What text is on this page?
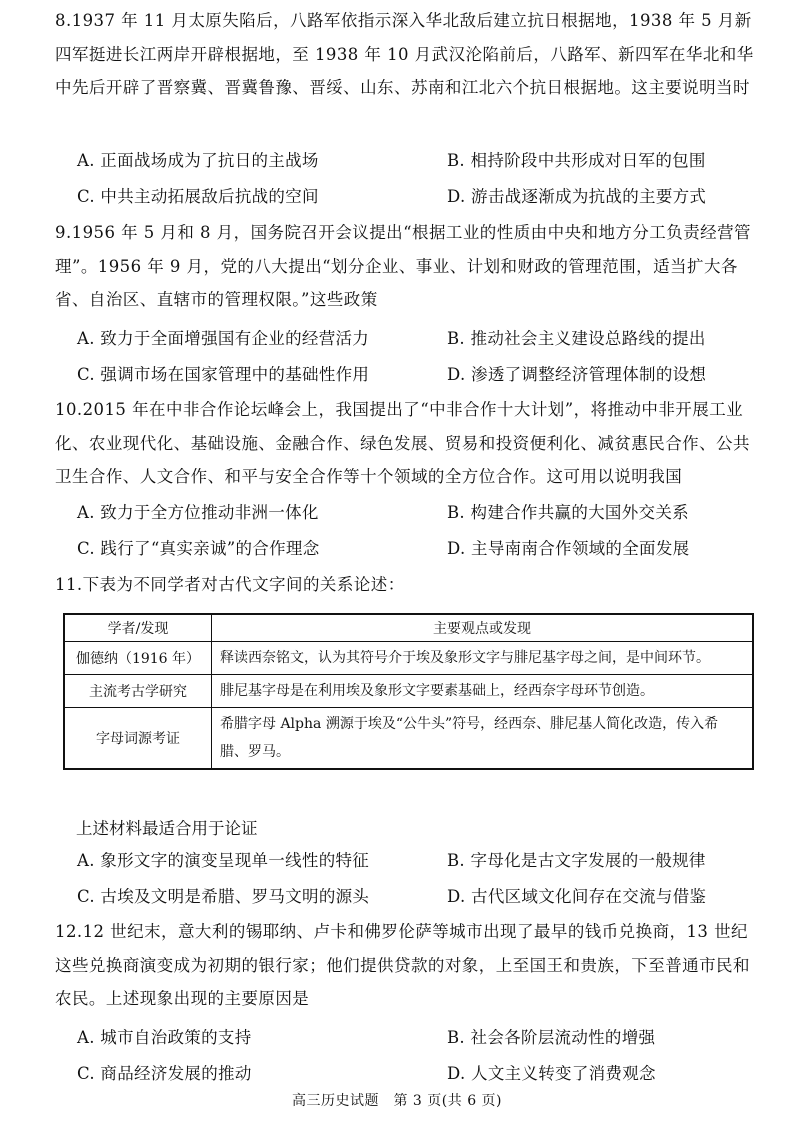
8.1937 年 11 月太原失陷后，八路军依指示深入华北敌后建立抗日根据地，1938 年 5 月新四军挺进长江两岸开辟根据地，至 1938 年 10 月武汉沦陷前后，八路军、新四军在华北和华中先后开辟了晋察冀、晋冀鲁豫、晋绥、山东、苏南和江北六个抗日根据地。这主要说明当时

A. 正面战场成为了抗日的主战场	B. 相持阶段中共形成对日军的包围
C. 中共主动拓展敌后抗战的空间	D. 游击战逐渐成为抗战的主要方式

9.1956 年 5 月和 8 月，国务院召开会议提出“根据工业的性质由中央和地方分工负责经营管理”。1956 年 9 月，党的八大提出“划分企业、事业、计划和财政的管理范围，适当扩大各省、自治区、直辖市的管理权限。”这些政策

A. 致力于全面增强国有企业的经营活力	B. 推动社会主义建设总路线的提出
C. 强调市场在国家管理中的基础性作用	D. 渗透了调整经济管理体制的设想

10.2015 年在中非合作论坛峰会上，我国提出了“中非合作十大计划”，将推动中非开展工业化、农业现代化、基础设施、金融合作、绿色发展、贸易和投资便利化、减贫惠民合作、公共卫生合作、人文合作、和平与安全合作等十个领域的全方位合作。这可用以说明我国

A. 致力于全方位推动非洲一体化	B. 构建合作共赢的大国外交关系
C. 践行了“真实亲诚”的合作理念	D. 主导南南合作领域的全面发展

11.下表为不同学者对古代文字间的关系论述：

学者/发现	主要观点或发现
伽德纳（1916 年）	释读西奈铭文，认为其符号介于埃及象形文字与腓尼基字母之间，是中间环节。
主流考古学研究	腓尼基字母是在利用埃及象形文字要素基础上，经西奈字母环节创造。
字母词源考证	希腊字母 Alpha 溯源于埃及“公牛头”符号，经西奈、腓尼基人简化改造，传入希腊、罗马。
上述材料最适合用于论证
A. 象形文字的演变呈现单一线性的特征	B. 字母化是古文字发展的一般规律
C. 古埃及文明是希腊、罗马文明的源头	D. 古代区域文化间存在交流与借鉴

12.12 世纪末，意大利的锡耶纳、卢卡和佛罗伦萨等城市出现了最早的钱币兑换商，13 世纪这些兑换商演变成为初期的银行家；他们提供贷款的对象，上至国王和贵族，下至普通市民和农民。上述现象出现的主要原因是

A. 城市自治政策的支持	B. 社会各阶层流动性的增强
C. 商品经济发展的推动	D. 人文主义转变了消费观念
高三历史试题　第 3 页(共 6 页)
